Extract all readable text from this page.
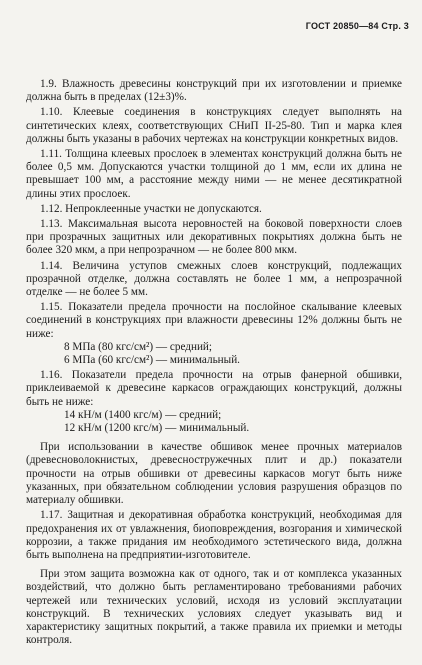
ГОСТ 20850—84 Стр. 3

1.9. Влажность древесины конструкций при их изготовлении и приемке должна быть в пределах (12±3)%.

1.10. Клеевые соединения в конструкциях следует выполнять на синтетических клеях, соответствующих СНиП II-25-80. Тип и марка клея должны быть указаны в рабочих чертежах на конструкции конкретных видов.

1.11. Толщина клеевых прослоек в элементах конструкций должна быть не более 0,5 мм. Допускаются участки толщиной до 1 мм, если их длина не превышает 100 мм, а расстояние между ними — не менее десятикратной длины этих прослоек.

1.12. Непроклеенные участки не допускаются.

1.13. Максимальная высота неровностей на боковой поверхности слоев при прозрачных защитных или декоративных покрытиях должна быть не более 320 мкм, а при непрозрачном — не более 800 мкм.

1.14. Величина уступов смежных слоев конструкций, подлежащих прозрачной отделке, должна составлять не более 1 мм, а непрозрачной отделке — не более 5 мм.

1.15. Показатели предела прочности на послойное скалывание клеевых соединений в конструкциях при влажности древесины 12% должны быть не ниже:

8 МПа (80 кгс/см²) — средний;

6 МПа (60 кгс/см²) — минимальный.

1.16. Показатели предела прочности на отрыв фанерной обшивки, приклеиваемой к древесине каркасов ограждающих конструкций, должны быть не ниже:

14 кН/м (1400 кгс/м) — средний;

12 кН/м (1200 кгс/м) — минимальный.

При использовании в качестве обшивок менее прочных материалов (древесноволокнистых, древесностружечных плит и др.) показатели прочности на отрыв обшивки от древесины каркасов могут быть ниже указанных, при обязательном соблюдении условия разрушения образцов по материалу обшивки.

1.17. Защитная и декоративная обработка конструкций, необходимая для предохранения их от увлажнения, биоповреждения, возгорания и химической коррозии, а также придания им необходимого эстетического вида, должна быть выполнена на предприятии-изготовителе.

При этом защита возможна как от одного, так и от комплекса указанных воздействий, что должно быть регламентировано требованиями рабочих чертежей или технических условий, исходя из условий эксплуатации конструкций. В технических условиях следует указывать вид и характеристику защитных покрытий, а также правила их приемки и методы контроля.
